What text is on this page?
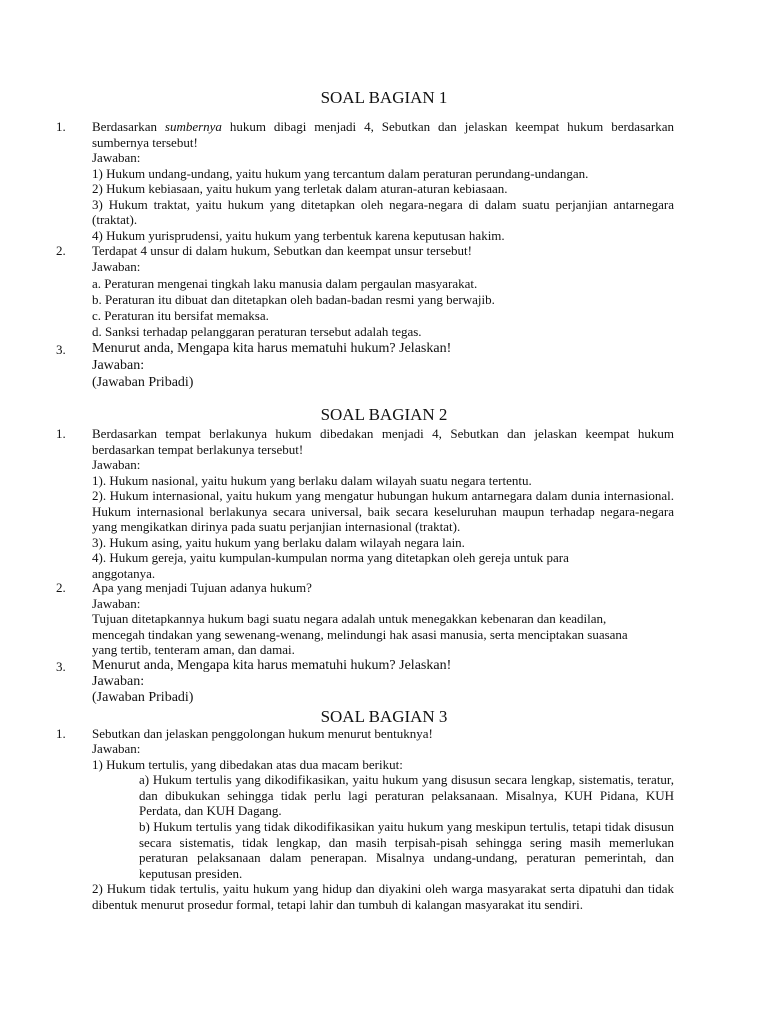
SOAL BAGIAN 1
1. Berdasarkan sumbernya hukum dibagi menjadi 4, Sebutkan dan jelaskan keempat hukum berdasarkan sumbernya tersebut!
Jawaban:
1) Hukum undang-undang, yaitu hukum yang tercantum dalam peraturan perundang-undangan.
2) Hukum kebiasaan, yaitu hukum yang terletak dalam aturan-aturan kebiasaan.
3) Hukum traktat, yaitu hukum yang ditetapkan oleh negara-negara di dalam suatu perjanjian antarnegara (traktat).
4) Hukum yurisprudensi, yaitu hukum yang terbentuk karena keputusan hakim.
2. Terdapat 4 unsur di dalam hukum, Sebutkan dan keempat unsur tersebut!
Jawaban:
a. Peraturan mengenai tingkah laku manusia dalam pergaulan masyarakat.
b. Peraturan itu dibuat dan ditetapkan oleh badan-badan resmi yang berwajib.
c. Peraturan itu bersifat memaksa.
d. Sanksi terhadap pelanggaran peraturan tersebut adalah tegas.
3. Menurut anda, Mengapa kita harus mematuhi hukum? Jelaskan!
Jawaban:
(Jawaban Pribadi)
SOAL BAGIAN 2
1. Berdasarkan tempat berlakunya hukum dibedakan menjadi 4, Sebutkan dan jelaskan keempat hukum berdasarkan tempat berlakunya tersebut!
Jawaban:
1). Hukum nasional, yaitu hukum yang berlaku dalam wilayah suatu negara tertentu.
2). Hukum internasional, yaitu hukum yang mengatur hubungan hukum antarnegara dalam dunia internasional. Hukum internasional berlakunya secara universal, baik secara keseluruhan maupun terhadap negara-negara yang mengikatkan dirinya pada suatu perjanjian internasional (traktat).
3). Hukum asing, yaitu hukum yang berlaku dalam wilayah negara lain.
4). Hukum gereja, yaitu kumpulan-kumpulan norma yang ditetapkan oleh gereja untuk para anggotanya.
2. Apa yang menjadi Tujuan adanya hukum?
Jawaban:
Tujuan ditetapkannya hukum bagi suatu negara adalah untuk menegakkan kebenaran dan keadilan, mencegah tindakan yang sewenang-wenang, melindungi hak asasi manusia, serta menciptakan suasana yang tertib, tenteram aman, dan damai.
3. Menurut anda, Mengapa kita harus mematuhi hukum? Jelaskan!
Jawaban:
(Jawaban Pribadi)
SOAL BAGIAN 3
1. Sebutkan dan jelaskan penggolongan hukum menurut bentuknya!
Jawaban:
1) Hukum tertulis, yang dibedakan atas dua macam berikut:
a) Hukum tertulis yang dikodifikasikan, yaitu hukum yang disusun secara lengkap, sistematis, teratur, dan dibukukan sehingga tidak perlu lagi peraturan pelaksanaan. Misalnya, KUH Pidana, KUH Perdata, dan KUH Dagang.
b) Hukum tertulis yang tidak dikodifikasikan yaitu hukum yang meskipun tertulis, tetapi tidak disusun secara sistematis, tidak lengkap, dan masih terpisah-pisah sehingga sering masih memerlukan peraturan pelaksanaan dalam penerapan. Misalnya undang-undang, peraturan pemerintah, dan keputusan presiden.
2) Hukum tidak tertulis, yaitu hukum yang hidup dan diyakini oleh warga masyarakat serta dipatuhi dan tidak dibentuk menurut prosedur formal, tetapi lahir dan tumbuh di kalangan masyarakat itu sendiri.
